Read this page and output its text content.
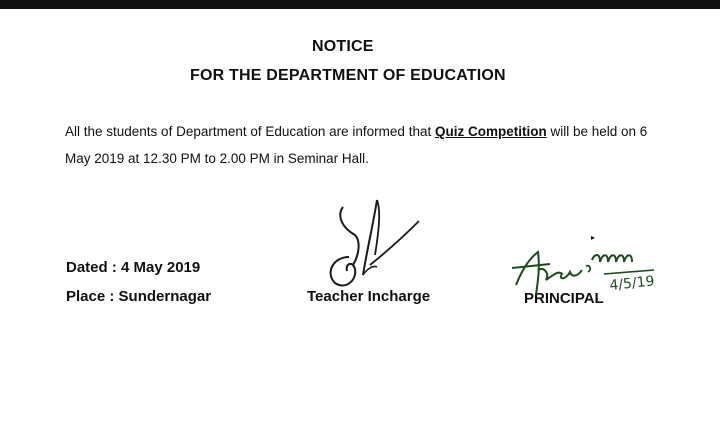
NOTICE
FOR THE DEPARTMENT OF EDUCATION
All the students of Department of Education are informed that Quiz Competition will be held on 6 May 2019 at 12.30 PM to 2.00 PM in Seminar Hall.
Dated : 4 May 2019
Place : Sundernagar	Teacher Incharge	PRINCIPAL
4/5/19
▸
